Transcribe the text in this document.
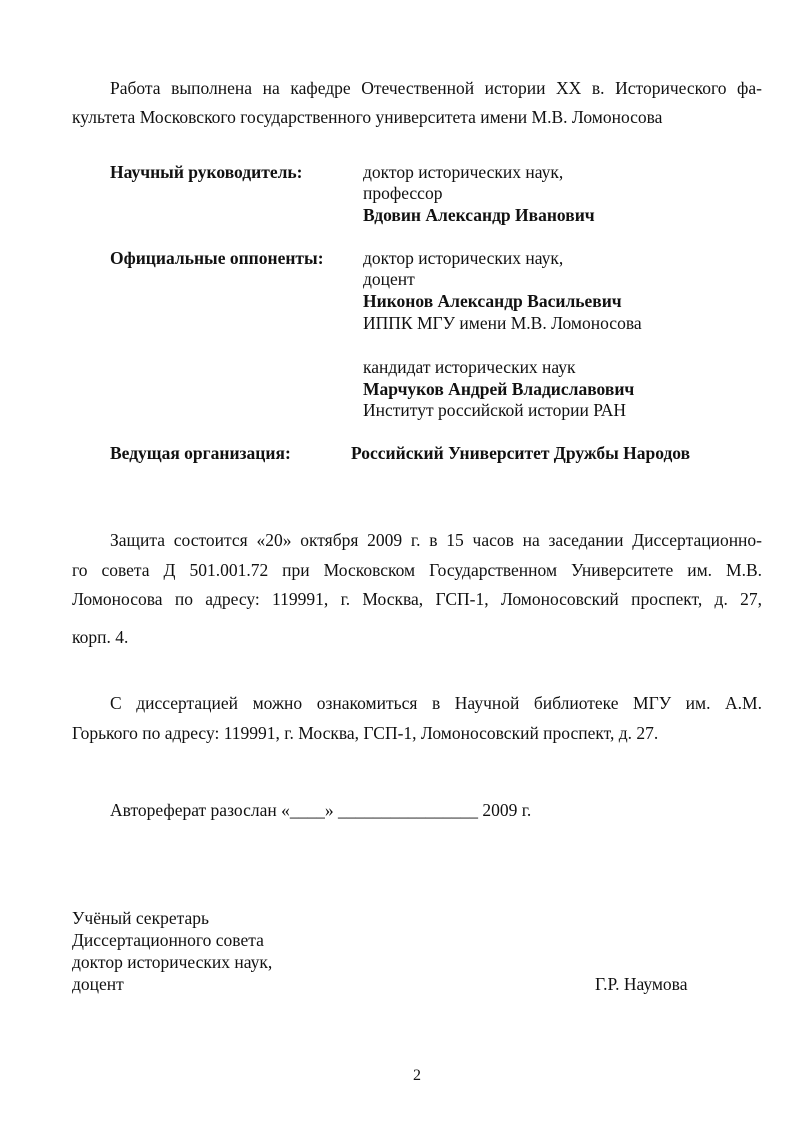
Работа выполнена на кафедре Отечественной истории XX в. Исторического фа-
культета Московского государственного университета имени М.В. Ломоносова
Научный руководитель:	доктор исторических наук,
профессор
Вдовин Александр Иванович
Официальные оппоненты: доктор исторических наук,
доцент
Никонов Александр Васильевич
ИППК МГУ имени М.В. Ломоносова
кандидат исторических наук
Марчуков Андрей Владиславович
Институт российской истории РАН
Ведущая организация:	Российский Университет Дружбы Народов
Защита состоится «20» октября 2009 г. в 15 часов на заседании Диссертационно-
го совета Д 501.001.72 при Московском Государственном Университете им. М.В.
Ломоносова по адресу: 119991, г. Москва, ГСП-1, Ломоносовский проспект, д. 27,
корп. 4.
С диссертацией можно ознакомиться в Научной библиотеке МГУ им. А.М.
Горького по адресу: 119991, г. Москва, ГСП-1, Ломоносовский проспект, д. 27.
Автореферат разослан «____» ________________ 2009 г.
Учёный секретарь
Диссертационного совета
доктор исторических наук,
доцент	Г.Р. Наумова
2
